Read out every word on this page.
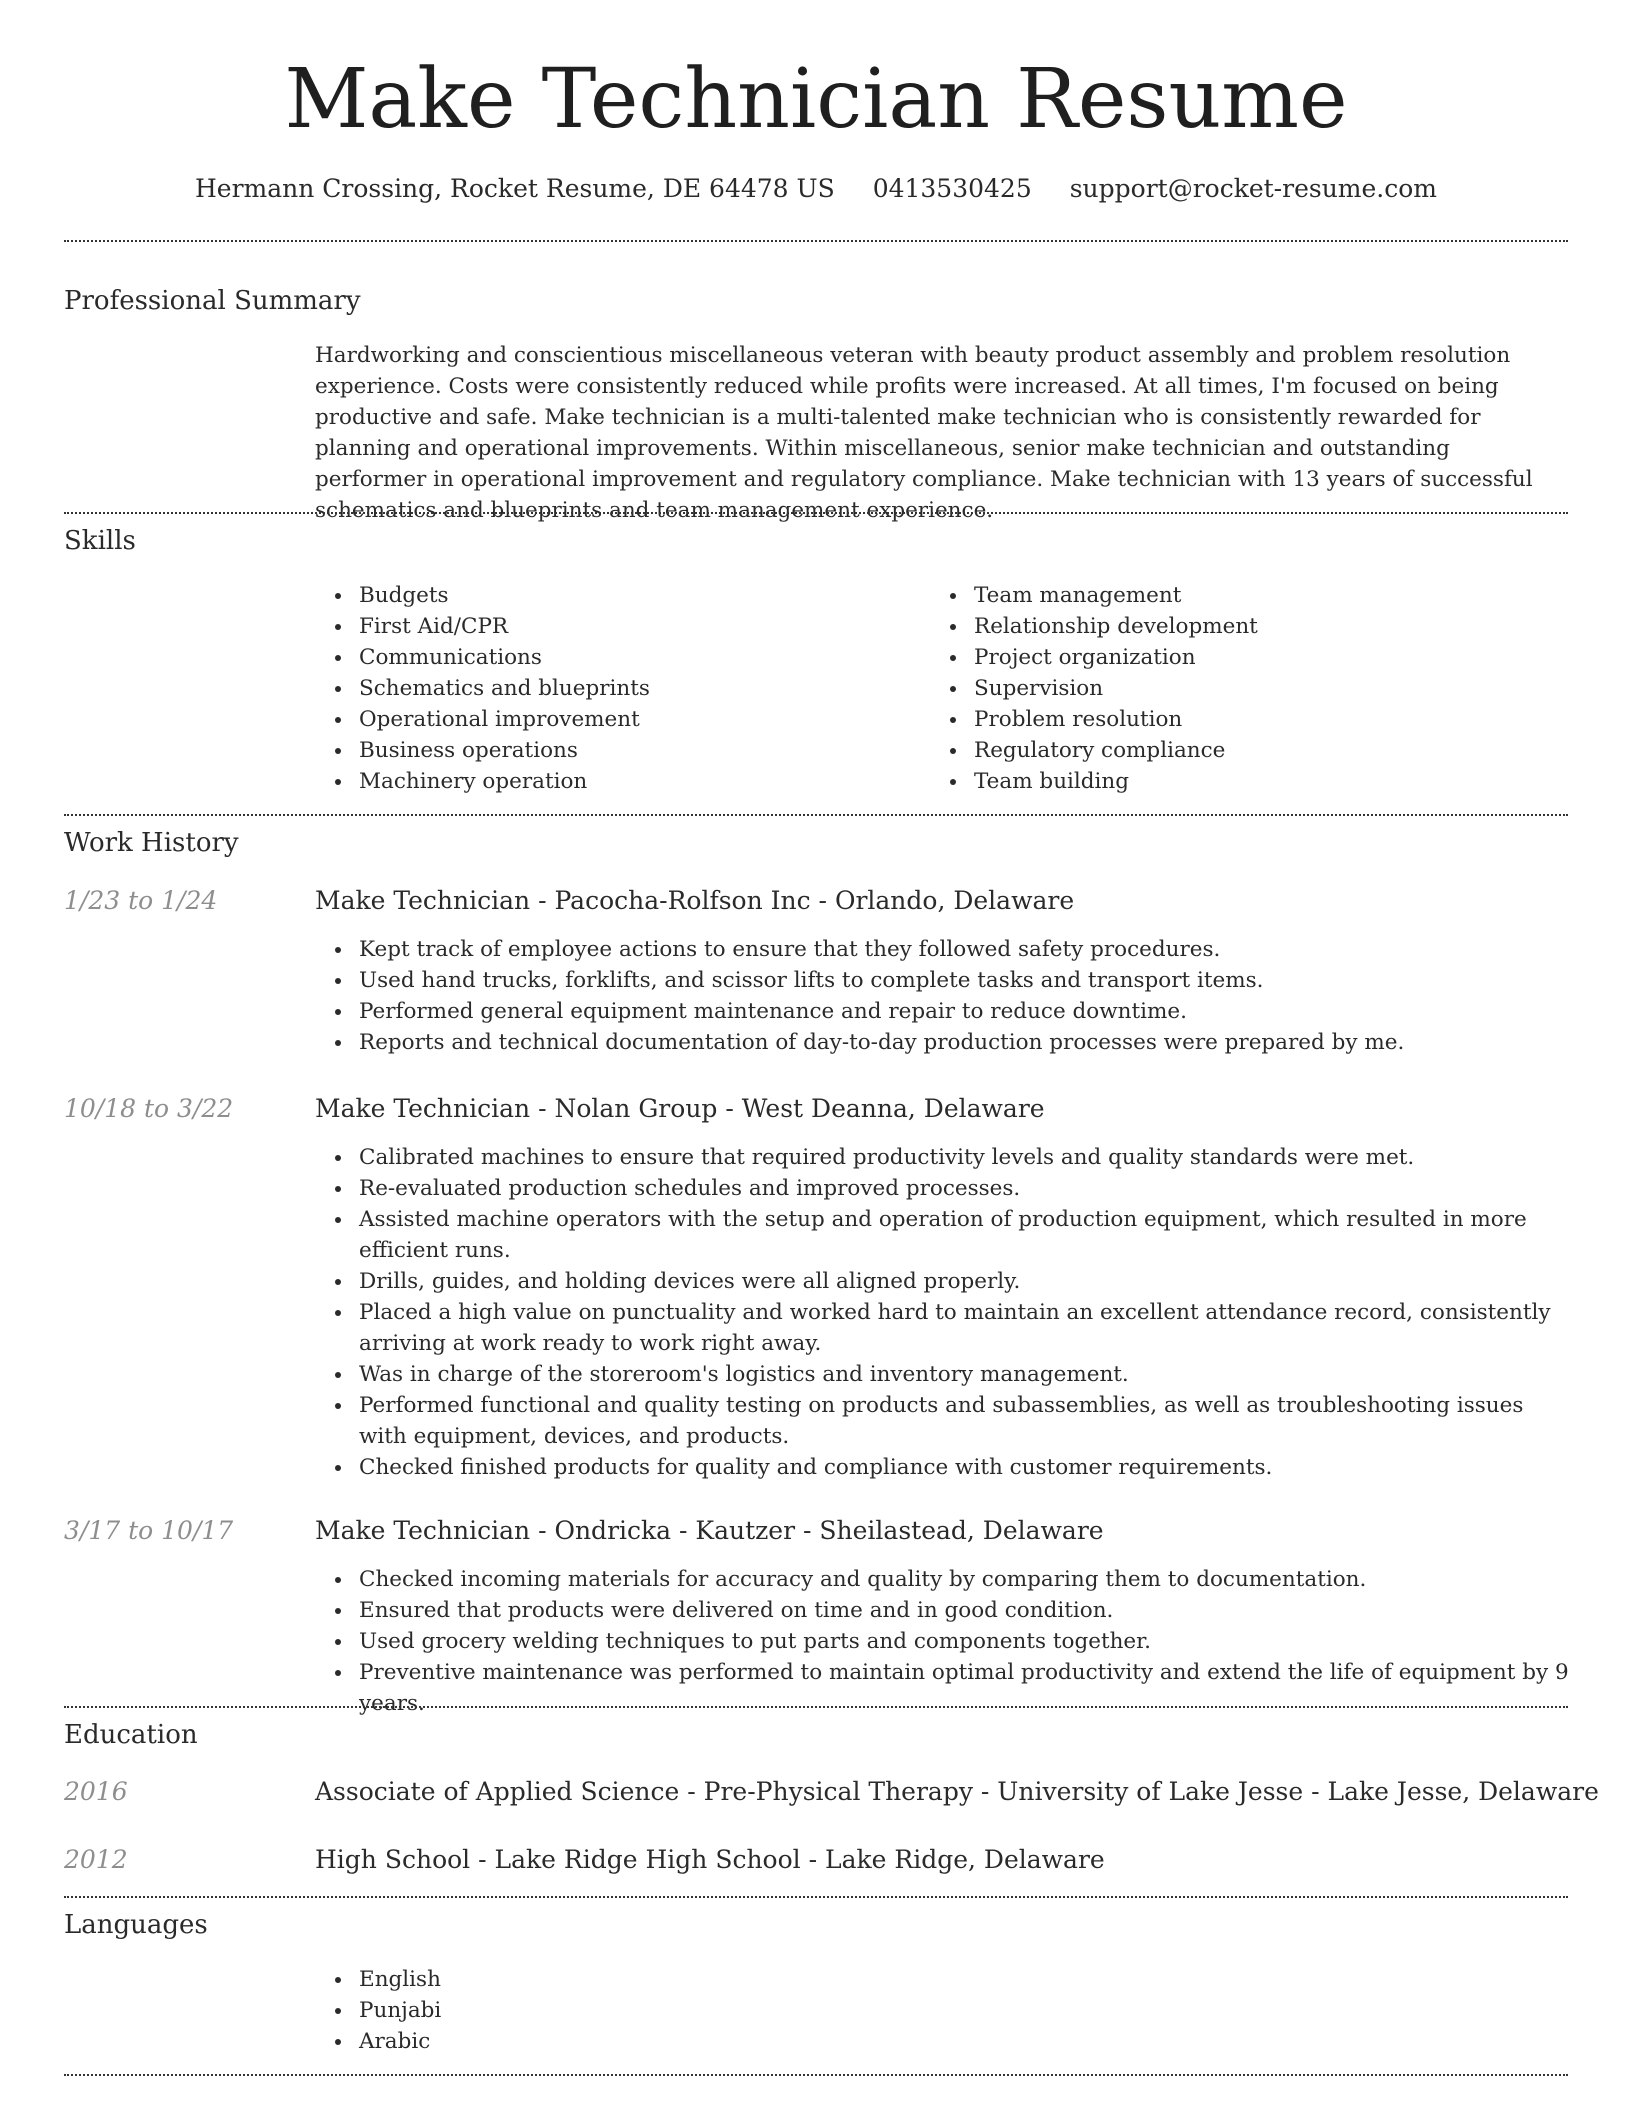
Make Technician Resume
Hermann Crossing, Rocket Resume, DE 64478 US 0413530425 support@rocket-resume.com
Professional Summary

Hardworking and conscientious miscellaneous veteran with beauty product assembly and problem resolution experience. Costs were consistently reduced while profits were increased. At all times, I'm focused on being productive and safe. Make technician is a multi-talented make technician who is consistently rewarded for planning and operational improvements. Within miscellaneous, senior make technician and outstanding performer in operational improvement and regulatory compliance. Make technician with 13 years of successful schematics and blueprints and team management experience.

Skills
Budgets
First Aid/CPR
Communications
Schematics and blueprints
Operational improvement
Business operations
Machinery operation
Team management
Relationship development
Project organization
Supervision
Problem resolution
Regulatory compliance
Team building
Work History
1/23 to 1/24	Make Technician - Pacocha-Rolfson Inc - Orlando, Delaware
Kept track of employee actions to ensure that they followed safety procedures.
Used hand trucks, forklifts, and scissor lifts to complete tasks and transport items.
Performed general equipment maintenance and repair to reduce downtime.
Reports and technical documentation of day-to-day production processes were prepared by me.
10/18 to 3/22	Make Technician - Nolan Group - West Deanna, Delaware
Calibrated machines to ensure that required productivity levels and quality standards were met.
Re-evaluated production schedules and improved processes.
Assisted machine operators with the setup and operation of production equipment, which resulted in more efficient runs.
Drills, guides, and holding devices were all aligned properly.
Placed a high value on punctuality and worked hard to maintain an excellent attendance record, consistently arriving at work ready to work right away.
Was in charge of the storeroom's logistics and inventory management.
Performed functional and quality testing on products and subassemblies, as well as troubleshooting issues with equipment, devices, and products.
Checked finished products for quality and compliance with customer requirements.
3/17 to 10/17	Make Technician - Ondricka - Kautzer - Sheilastead, Delaware
Checked incoming materials for accuracy and quality by comparing them to documentation.
Ensured that products were delivered on time and in good condition.
Used grocery welding techniques to put parts and components together.
Preventive maintenance was performed to maintain optimal productivity and extend the life of equipment by 9 years.
Education
2016	Associate of Applied Science - Pre-Physical Therapy - University of Lake Jesse - Lake Jesse, Delaware
2012	High School - Lake Ridge High School - Lake Ridge, Delaware
Languages
English
Punjabi
Arabic
